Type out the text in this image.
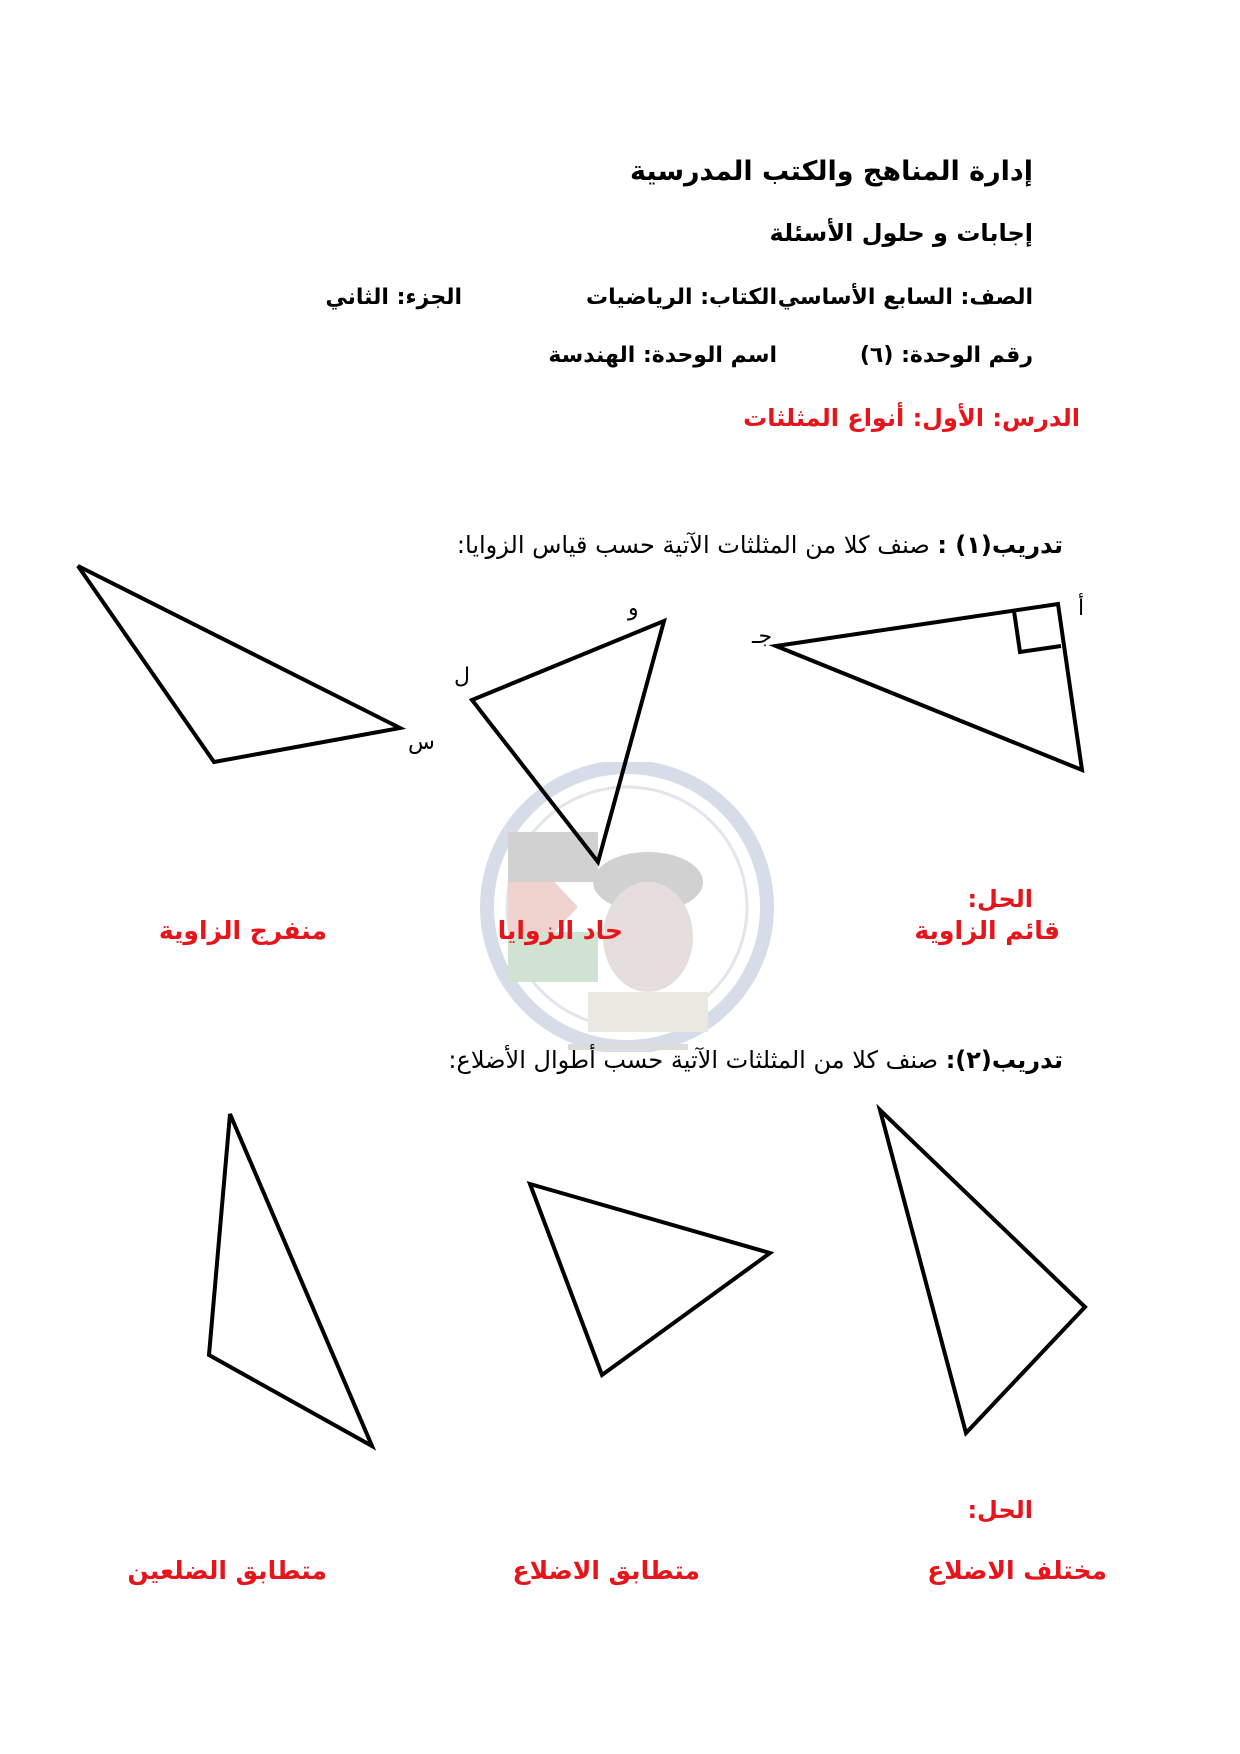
إدارة المناهج والكتب المدرسية
إجابات و حلول الأسئلة
الصف: السابع الأساسي
الكتاب: الرياضيات
الجزء: الثاني
رقم الوحدة: (٦)
اسم الوحدة: الهندسة
الدرس: الأول: أنواع المثلثات
تدريب(١) : صنف كلا من المثلثات الآتية حسب قياس الزوايا:
أ
جـ
و
ل
س
الحل:
قائم الزاوية
حاد الزوايا
منفرج الزاوية
تدريب(٢): صنف كلا من المثلثات الآتية حسب أطوال الأضلاع:
الحل:
مختلف الاضلاع
متطابق الاضلاع
متطابق الضلعين
